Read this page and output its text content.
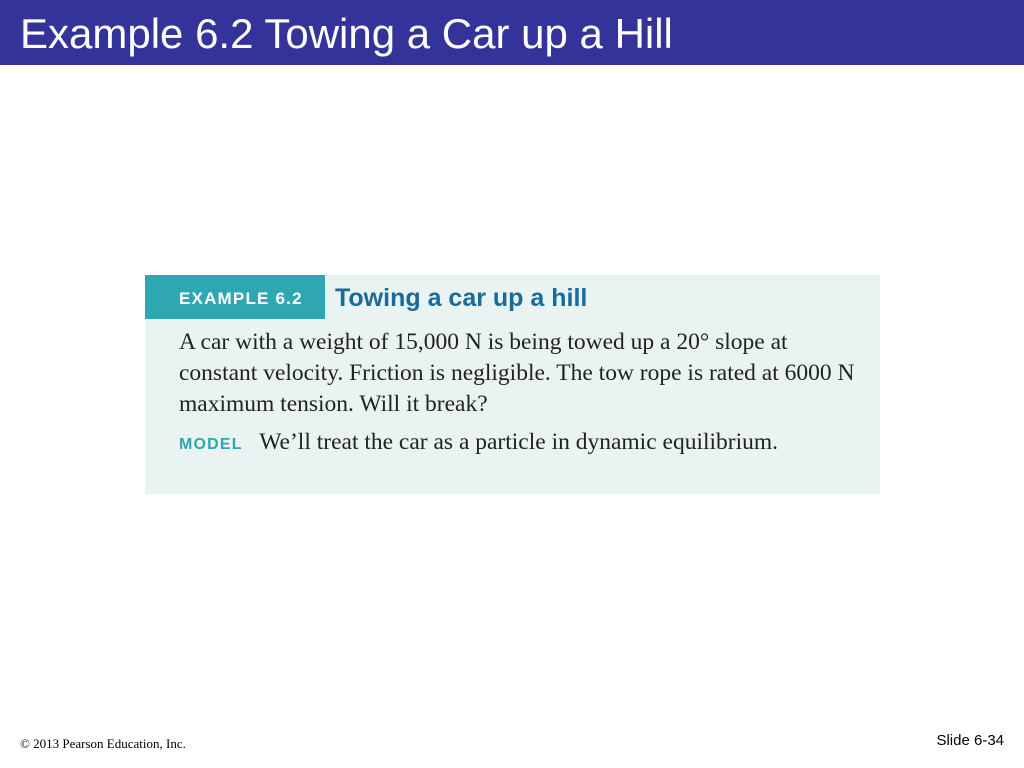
Example 6.2 Towing a Car up a Hill
EXAMPLE 6.2 Towing a car up a hill

A car with a weight of 15,000 N is being towed up a 20° slope at constant velocity. Friction is negligible. The tow rope is rated at 6000 N maximum tension. Will it break?

MODEL We’ll treat the car as a particle in dynamic equilibrium.
© 2013 Pearson Education, Inc.	Slide 6-34
